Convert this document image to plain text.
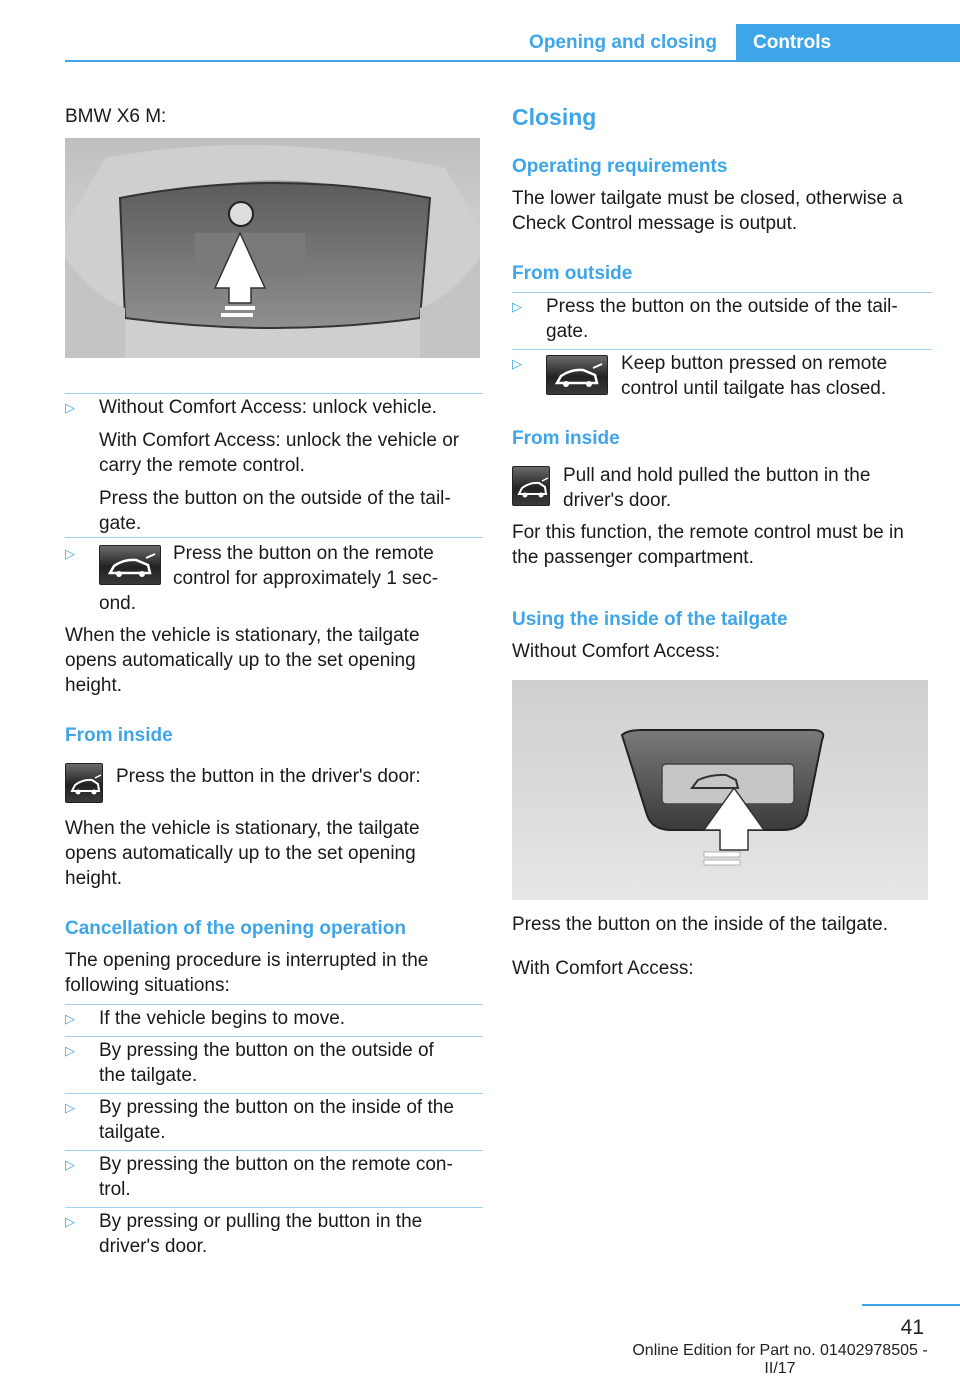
Opening and closing	Controls
BMW X6 M:
▷ Without Comfort Access: unlock vehicle.
With Comfort Access: unlock the vehicle or
carry the remote control.
Press the button on the outside of the tail-
gate.
▷	Press the button on the remote
control for approximately 1 sec-
ond.
When the vehicle is stationary, the tailgate
opens automatically up to the set opening
height.
From inside
Press the button in the driver's door:
When the vehicle is stationary, the tailgate
opens automatically up to the set opening
height.
Cancellation of the opening operation
The opening procedure is interrupted in the
following situations:
▷ If the vehicle begins to move.
▷ By pressing the button on the outside of
the tailgate.
▷ By pressing the button on the inside of the
tailgate.
▷ By pressing the button on the remote con-
trol.
▷ By pressing or pulling the button in the
driver's door.
Closing
Operating requirements
The lower tailgate must be closed, otherwise a
Check Control message is output.
From outside
▷ Press the button on the outside of the tail-
gate.
▷	Keep button pressed on remote
control until tailgate has closed.
From inside
Pull and hold pulled the button in the
driver's door.
For this function, the remote control must be in
the passenger compartment.
Using the inside of the tailgate
Without Comfort Access:
Press the button on the inside of the tailgate.
With Comfort Access:
41
Online Edition for Part no. 01402978505 - II/17
